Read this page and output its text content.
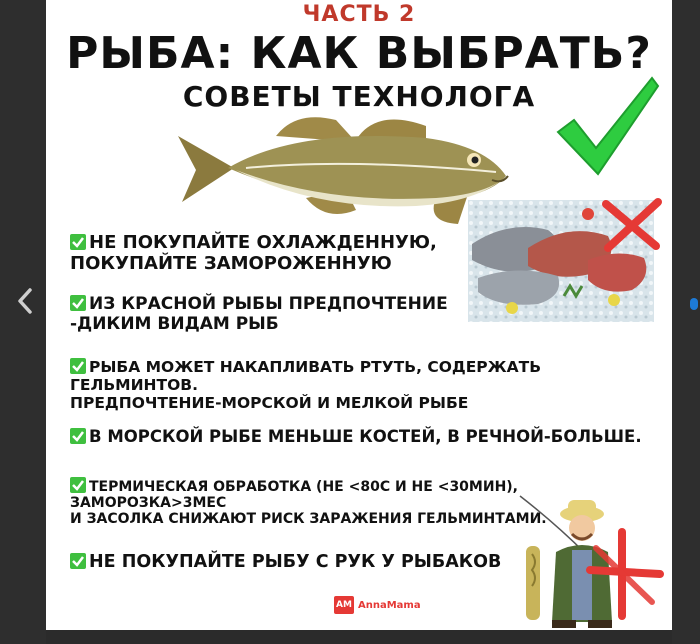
ЧАСТЬ 2
РЫБА: КАК ВЫБРАТЬ?
СОВЕТЫ ТЕХНОЛОГА
НЕ ПОКУПАЙТЕ ОХЛАЖДЕННУЮ,
ПОКУПАЙТЕ ЗАМОРОЖЕННУЮ
ИЗ КРАСНОЙ РЫБЫ ПРЕДПОЧТЕНИЕ
-ДИКИМ ВИДАМ РЫБ
РЫБА МОЖЕТ НАКАПЛИВАТЬ РТУТЬ, СОДЕРЖАТЬ ГЕЛЬМИНТОВ.
ПРЕДПОЧТЕНИЕ-МОРСКОЙ И МЕЛКОЙ РЫБЕ
В МОРСКОЙ РЫБЕ МЕНЬШЕ КОСТЕЙ, В РЕЧНОЙ-БОЛЬШЕ.
ТЕРМИЧЕСКАЯ ОБРАБОТКА (НЕ <80С И НЕ <30МИН), ЗАМОРОЗКА>3МЕС
И ЗАСОЛКА СНИЖАЮТ РИСК ЗАРАЖЕНИЯ ГЕЛЬМИНТАМИ.
НЕ ПОКУПАЙТЕ РЫБУ С РУК У РЫБАКОВ
AM AnnaMama
